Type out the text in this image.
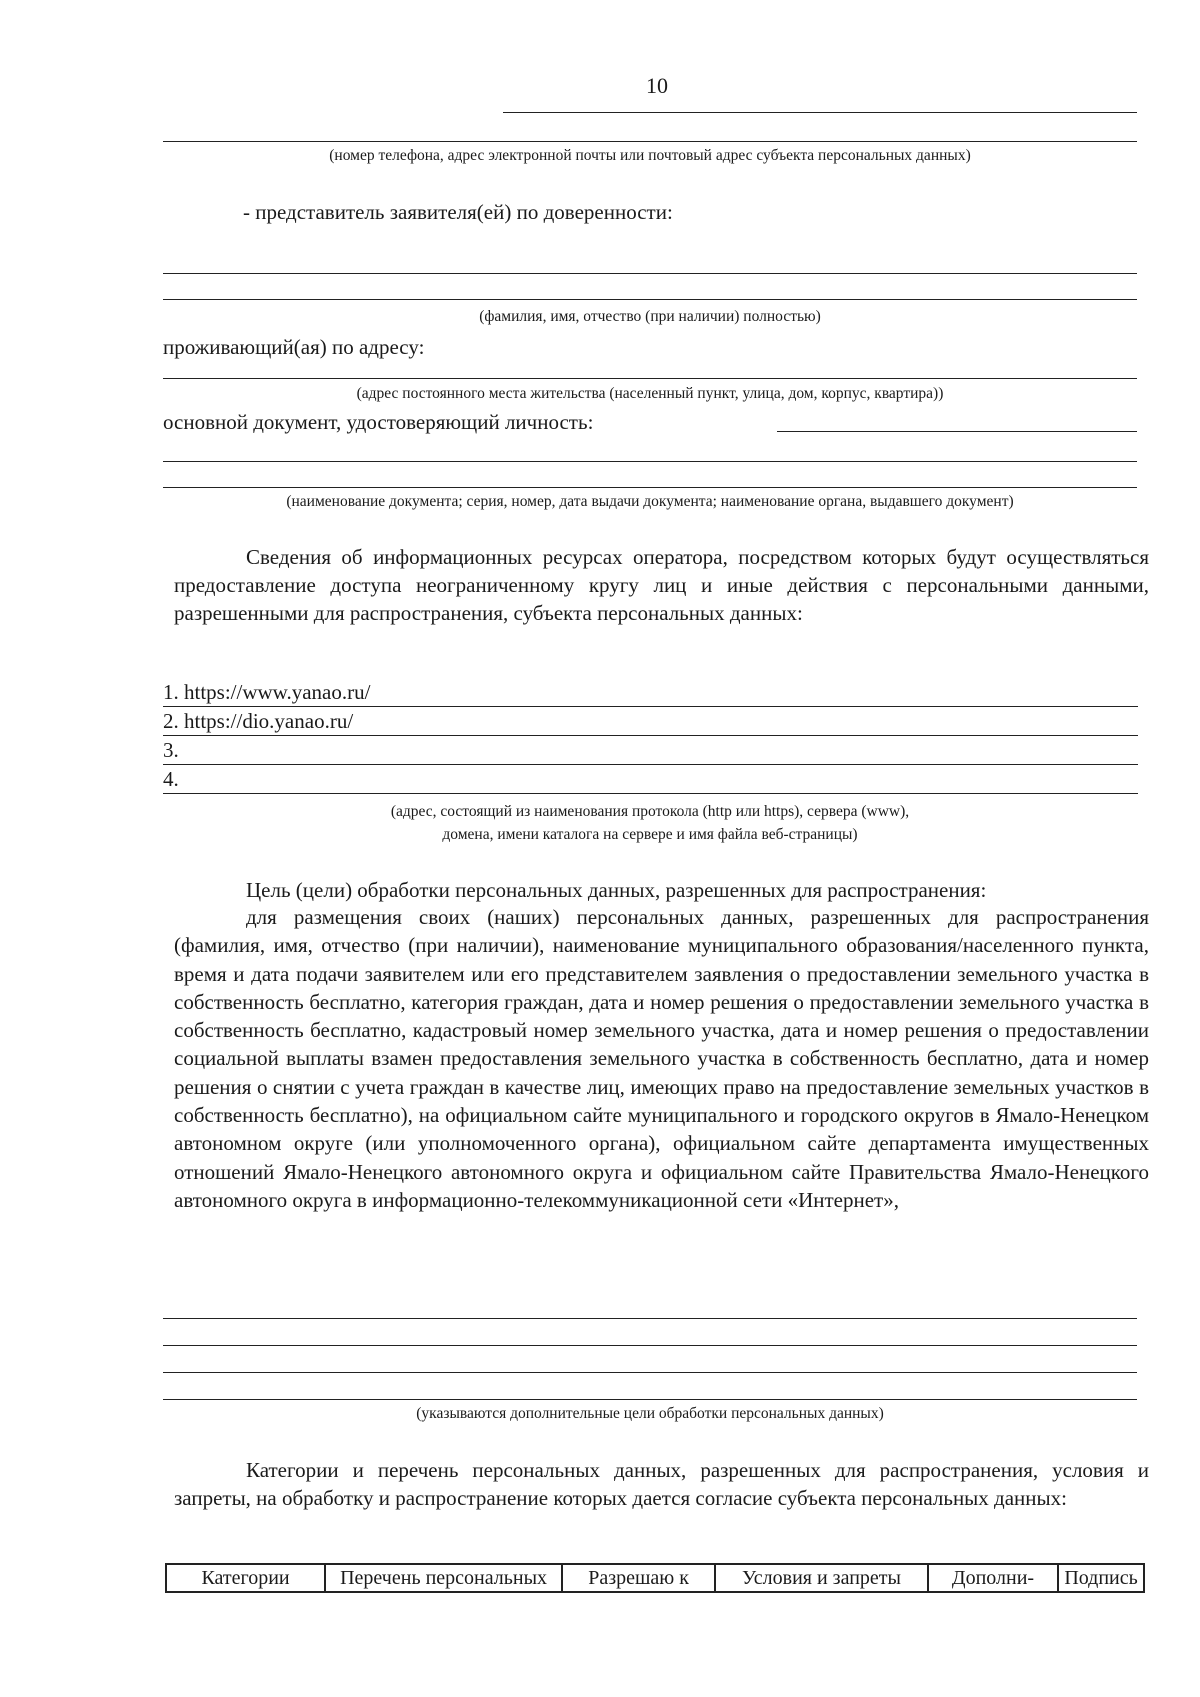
10
(номер телефона, адрес электронной почты или почтовый адрес субъекта персональных данных)
- представитель заявителя(ей) по доверенности:
(фамилия, имя, отчество (при наличии) полностью)
проживающий(ая) по адресу:
(адрес постоянного места жительства (населенный пункт, улица, дом, корпус, квартира))
основной документ, удостоверяющий личность:
(наименование документа; серия, номер, дата выдачи документа; наименование органа, выдавшего документ)
Сведения об информационных ресурсах оператора, посредством которых будут осуществляться предоставление доступа неограниченному кругу лиц и иные действия с персональными данными, разрешенными для распространения, субъекта персональных данных:
1. https://www.yanao.ru/
2. https://dio.yanao.ru/
3.
4.
(адрес, состоящий из наименования протокола (http или https), сервера (www),
домена, имени каталога на сервере и имя файла веб-страницы)
Цель (цели) обработки персональных данных, разрешенных для распространения:
для размещения своих (наших) персональных данных, разрешенных для распространения (фамилия, имя, отчество (при наличии), наименование муниципального образования/населенного пункта, время и дата подачи заявителем или его представителем заявления о предоставлении земельного участка в собственность бесплатно, категория граждан, дата и номер решения о предоставлении земельного участка в собственность бесплатно, кадастровый номер земельного участка, дата и номер решения о предоставлении социальной выплаты взамен предоставления земельного участка в собственность бесплатно, дата и номер решения о снятии с учета граждан в качестве лиц, имеющих право на предоставление земельных участков в собственность бесплатно), на официальном сайте муниципального и городского округов в Ямало-Ненецком автономном округе (или уполномоченного органа), официальном сайте департамента имущественных отношений Ямало-Ненецкого автономного округа и официальном сайте Правительства Ямало-Ненецкого автономного округа в информационно-телекоммуникационной сети «Интернет»,
(указываются дополнительные цели обработки персональных данных)
Категории и перечень персональных данных, разрешенных для распространения, условия и запреты, на обработку и распространение которых дается согласие субъекта персональных данных:
Категории	Перечень персональных	Разрешаю к	Условия и запреты	Дополни-	Подпись
